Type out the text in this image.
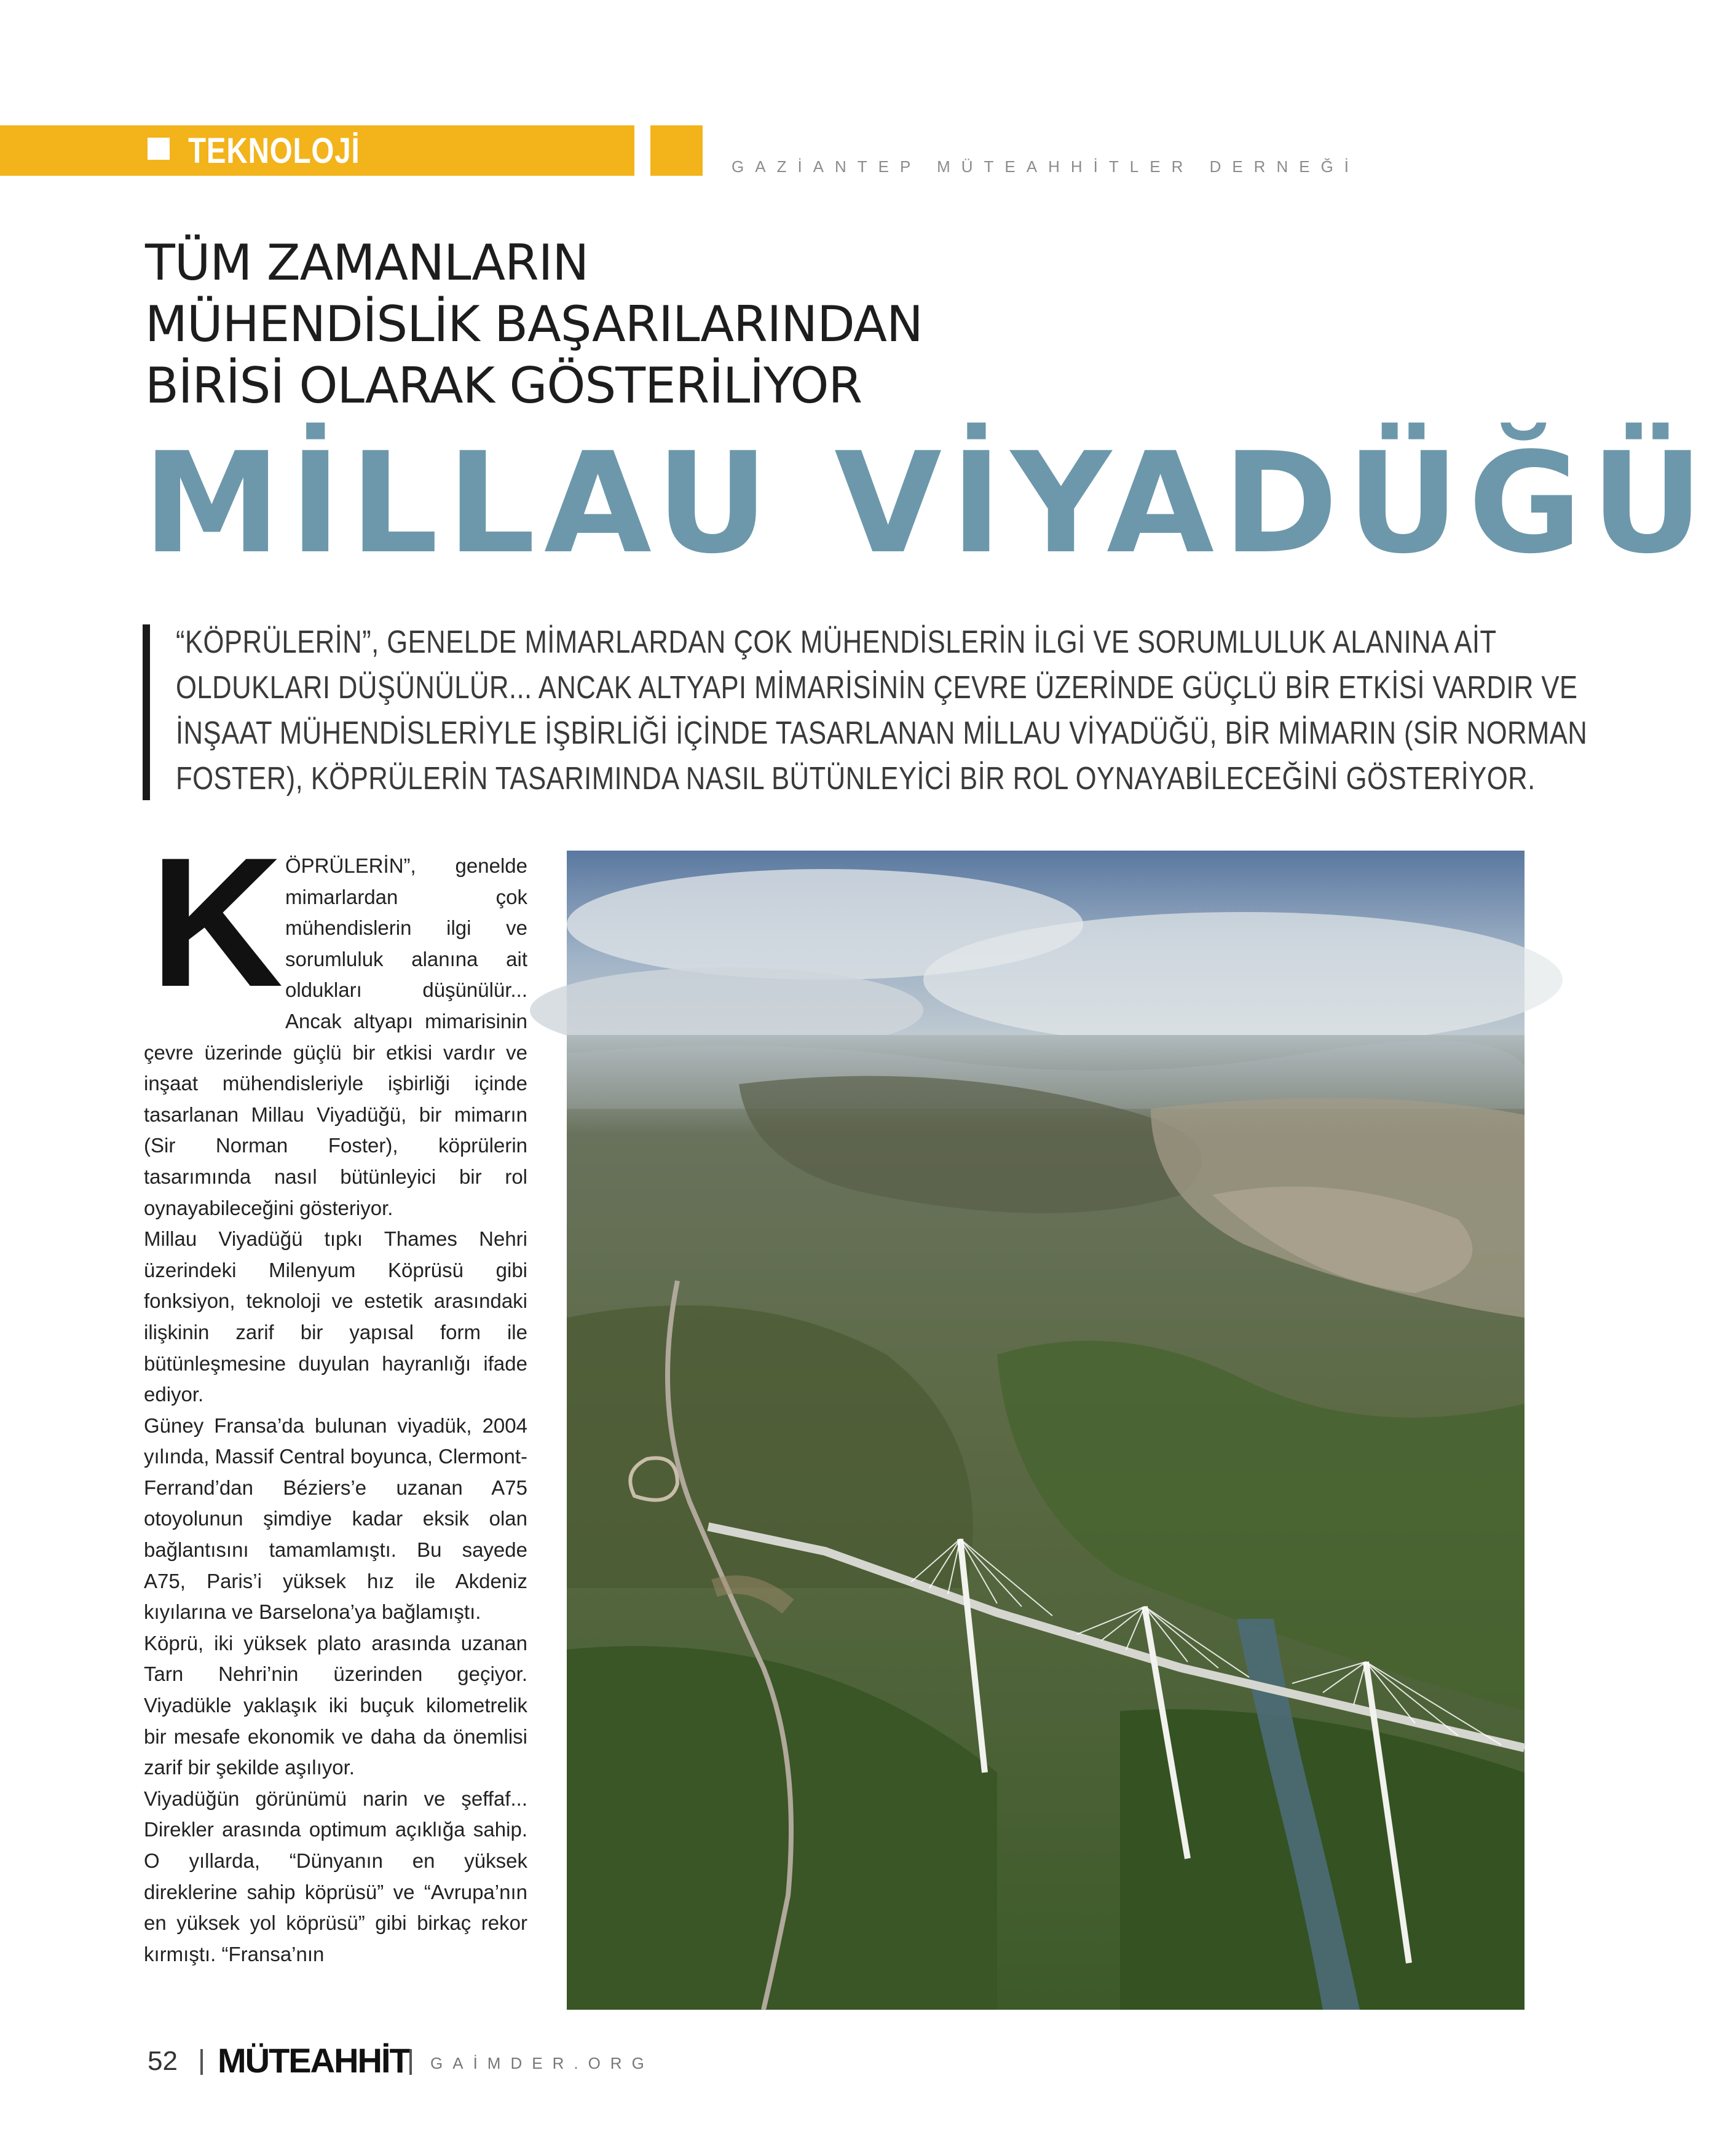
TEKNOLOJİ	GAZİANTEP MÜTEAHHİTLER DERNEĞİ
TÜM ZAMANLARIN
MÜHENDİSLİK BAŞARILARINDAN
BİRİSİ OLARAK GÖSTERİLİYOR
MİLLAU VİYADÜĞÜ
“KÖPRÜLERİN”, GENELDE MİMARLARDAN ÇOK MÜHENDİSLERİN İLGİ VE SORUMLULUK ALANINA AİT
OLDUKLARI DÜŞÜNÜLÜR... ANCAK ALTYAPI MİMARİSİNİN ÇEVRE ÜZERİNDE GÜÇLÜ BİR ETKİSİ VARDIR VE
İNŞAAT MÜHENDİSLERİYLE İŞBİRLİĞİ İÇİNDE TASARLANAN MİLLAU VİYADÜĞÜ, BİR MİMARIN (SİR NORMAN
FOSTER), KÖPRÜLERİN TASARIMINDA NASIL BÜTÜNLEYİCİ BİR ROL OYNAYABİLECEĞİNİ GÖSTERİYOR.
K ÖPRÜLERİN”, genelde mimarlardan çok mühendislerin ilgi ve sorumluluk alanına ait oldukları düşünülür... Ancak altyapı mimarisinin çevre üzerinde güçlü bir etkisi vardır ve inşaat mühendisleriyle işbirliği içinde tasarlanan Millau Viyadüğü, bir mimarın (Sir Norman Foster), köprülerin tasarımında nasıl bütünleyici bir rol oynayabileceğini gösteriyor.

Millau Viyadüğü tıpkı Thames Nehri üzerindeki Milenyum Köprüsü gibi fonksiyon, teknoloji ve estetik arasındaki ilişkinin zarif bir yapısal form ile bütünleşmesine duyulan hayranlığı ifade ediyor.

Güney Fransa’da bulunan viyadük, 2004 yılında, Massif Central boyunca, Clermont-Ferrand’dan Béziers’e uzanan A75 otoyolunun şimdiye kadar eksik olan bağlantısını tamamlamıştı. Bu sayede A75, Paris’i yüksek hız ile Akdeniz kıyılarına ve Barselona’ya bağlamıştı.

Köprü, iki yüksek plato arasında uzanan Tarn Nehri’nin üzerinden geçiyor. Viyadükle yaklaşık iki buçuk kilometrelik bir mesafe ekonomik ve daha da önemlisi zarif bir şekilde aşılıyor.

Viyadüğün görünümü narin ve şeffaf... Direkler arasında optimum açıklığa sahip. O yıllarda, “Dünyanın en yüksek direklerine sahip köprüsü” ve “Avrupa’nın en yüksek yol köprüsü” gibi birkaç rekor kırmıştı. “Fransa’nın

52 MÜTEAHHİT GAİMDER.ORG
